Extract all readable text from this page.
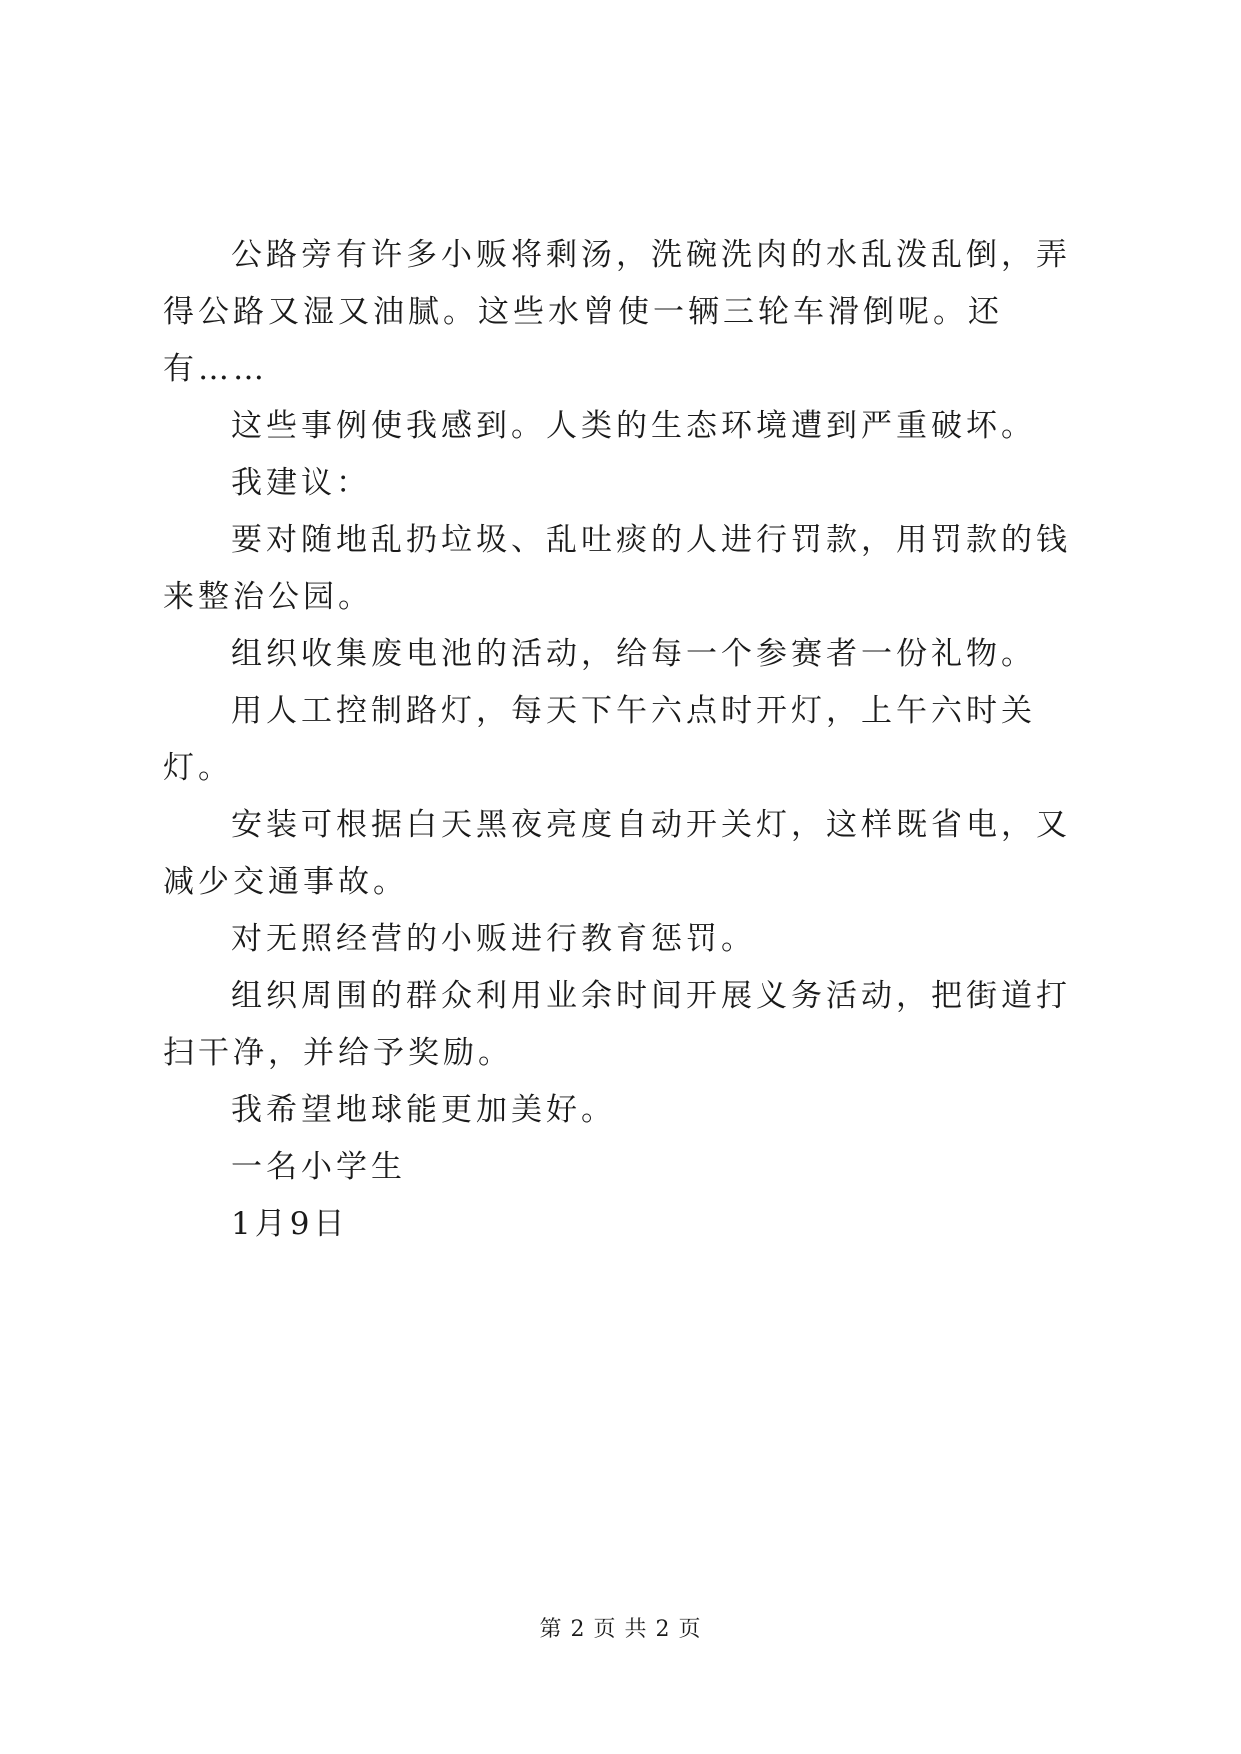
公路旁有许多小贩将剩汤，洗碗洗肉的水乱泼乱倒，弄得公路又湿又油腻。这些水曾使一辆三轮车滑倒呢。还有……

这些事例使我感到。人类的生态环境遭到严重破坏。

我建议：

要对随地乱扔垃圾、乱吐痰的人进行罚款，用罚款的钱来整治公园。

组织收集废电池的活动，给每一个参赛者一份礼物。

用人工控制路灯，每天下午六点时开灯，上午六时关灯。

安装可根据白天黑夜亮度自动开关灯，这样既省电，又减少交通事故。

对无照经营的小贩进行教育惩罚。

组织周围的群众利用业余时间开展义务活动，把街道打扫干净，并给予奖励。

我希望地球能更加美好。

一名小学生

1月9日

第 2 页 共 2 页
